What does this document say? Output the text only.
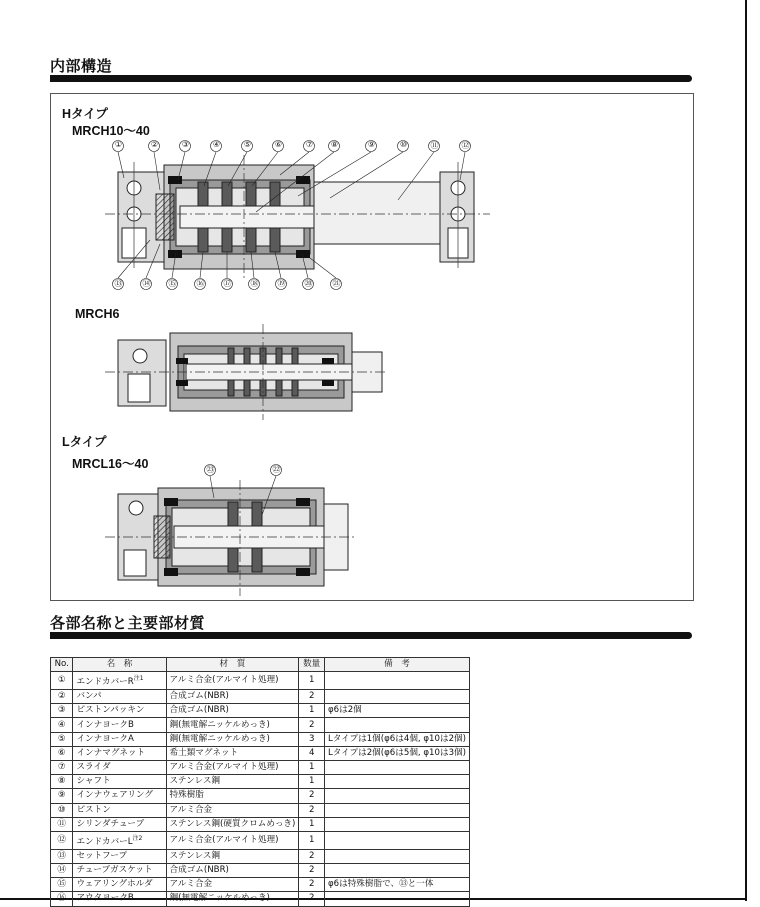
内部構造
Hタイプ
MRCH10〜40
MRCH6
Lタイプ
MRCL16〜40
①	②	③	④	⑤	⑥	⑦ ⑧	⑨	⑩	⑪	⑫
⑬	⑭ ⑮	⑯ ⑰ ⑱ ⑲ ⑳	㉑
㉓	㉒
各部名称と主要部材質
No.	名　称	材　質	数量	備　考
①	エンドカバー$R^{注1}$	アルミ合金(アルマイト処理)	1	
②	バンパ	合成ゴム(NBR)	2	
③	ピストンパッキン	合成ゴム(NBR)	1	φ6は2個
④	インナヨークB	鋼(無電解ニッケルめっき)	2	
⑤	インナヨークA	鋼(無電解ニッケルめっき)	3	Lタイプは1個(φ6は4個, φ10は2個)
⑥	インナマグネット	希土類マグネット	4	Lタイプは2個(φ6は5個, φ10は3個)
⑦	スライダ	アルミ合金(アルマイト処理)	1	
⑧	シャフト	ステンレス鋼	1	
⑨	インナウェアリング	特殊樹脂	2	
⑩	ピストン	アルミ合金	2	
⑪	シリンダチューブ	ステンレス鋼(硬質クロムめっき)	1	
⑫	エンドカバー$L^{注2}$	アルミ合金(アルマイト処理)	1	
⑬	セットフープ	ステンレス鋼	2	
⑭	チューブガスケット	合成ゴム(NBR)	2	
⑮	ウェアリングホルダ	アルミ合金	2	φ6は特殊樹脂で、⑬と一体
⑯	アウタヨークB	鋼(無電解ニッケルめっき)	2	
